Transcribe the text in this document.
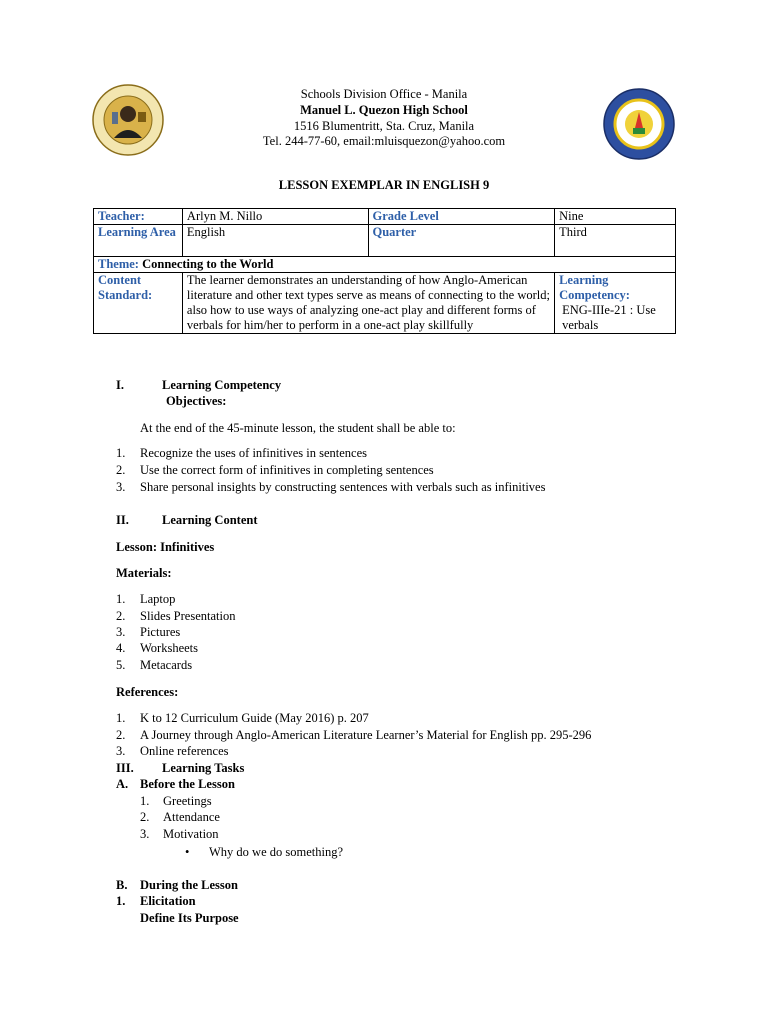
Schools Division Office - Manila
Manuel L. Quezon High School
1516 Blumentritt, Sta. Cruz, Manila
Tel. 244-77-60, email:mluisquezon@yahoo.com
LESSON EXEMPLAR IN ENGLISH 9
Teacher:	Arlyn M. Nillo	Grade Level	Nine
Learning Area	English	Quarter	Third
Theme: Connecting to the World			
Content Standard:	The learner demonstrates an understanding of how Anglo-American literature and other text types serve as means of connecting to the world; also how to use ways of analyzing one-act play and different forms of verbals for him/her to perform in a one-act play skillfully		Learning Competency:
ENG-IIIe-21 : Use verbals
I.	Learning Competency
Objectives:
At the end of the 45-minute lesson, the student shall be able to:
1. Recognize the uses of infinitives in sentences
2. Use the correct form of infinitives in completing sentences
3. Share personal insights by constructing sentences with verbals such as infinitives
II.	Learning Content
Lesson: Infinitives
Materials:
1. Laptop
2. Slides Presentation
3. Pictures
4. Worksheets
5. Metacards
References:
1. K to 12 Curriculum Guide (May 2016) p. 207
2. A Journey through Anglo-American Literature Learner’s Material for English pp. 295-296
3. Online references
III. Learning Tasks
A. Before the Lesson
1. Greetings
2. Attendance
3. Motivation
• Why do we do something?
B. During the Lesson
1. Elicitation
Define Its Purpose
